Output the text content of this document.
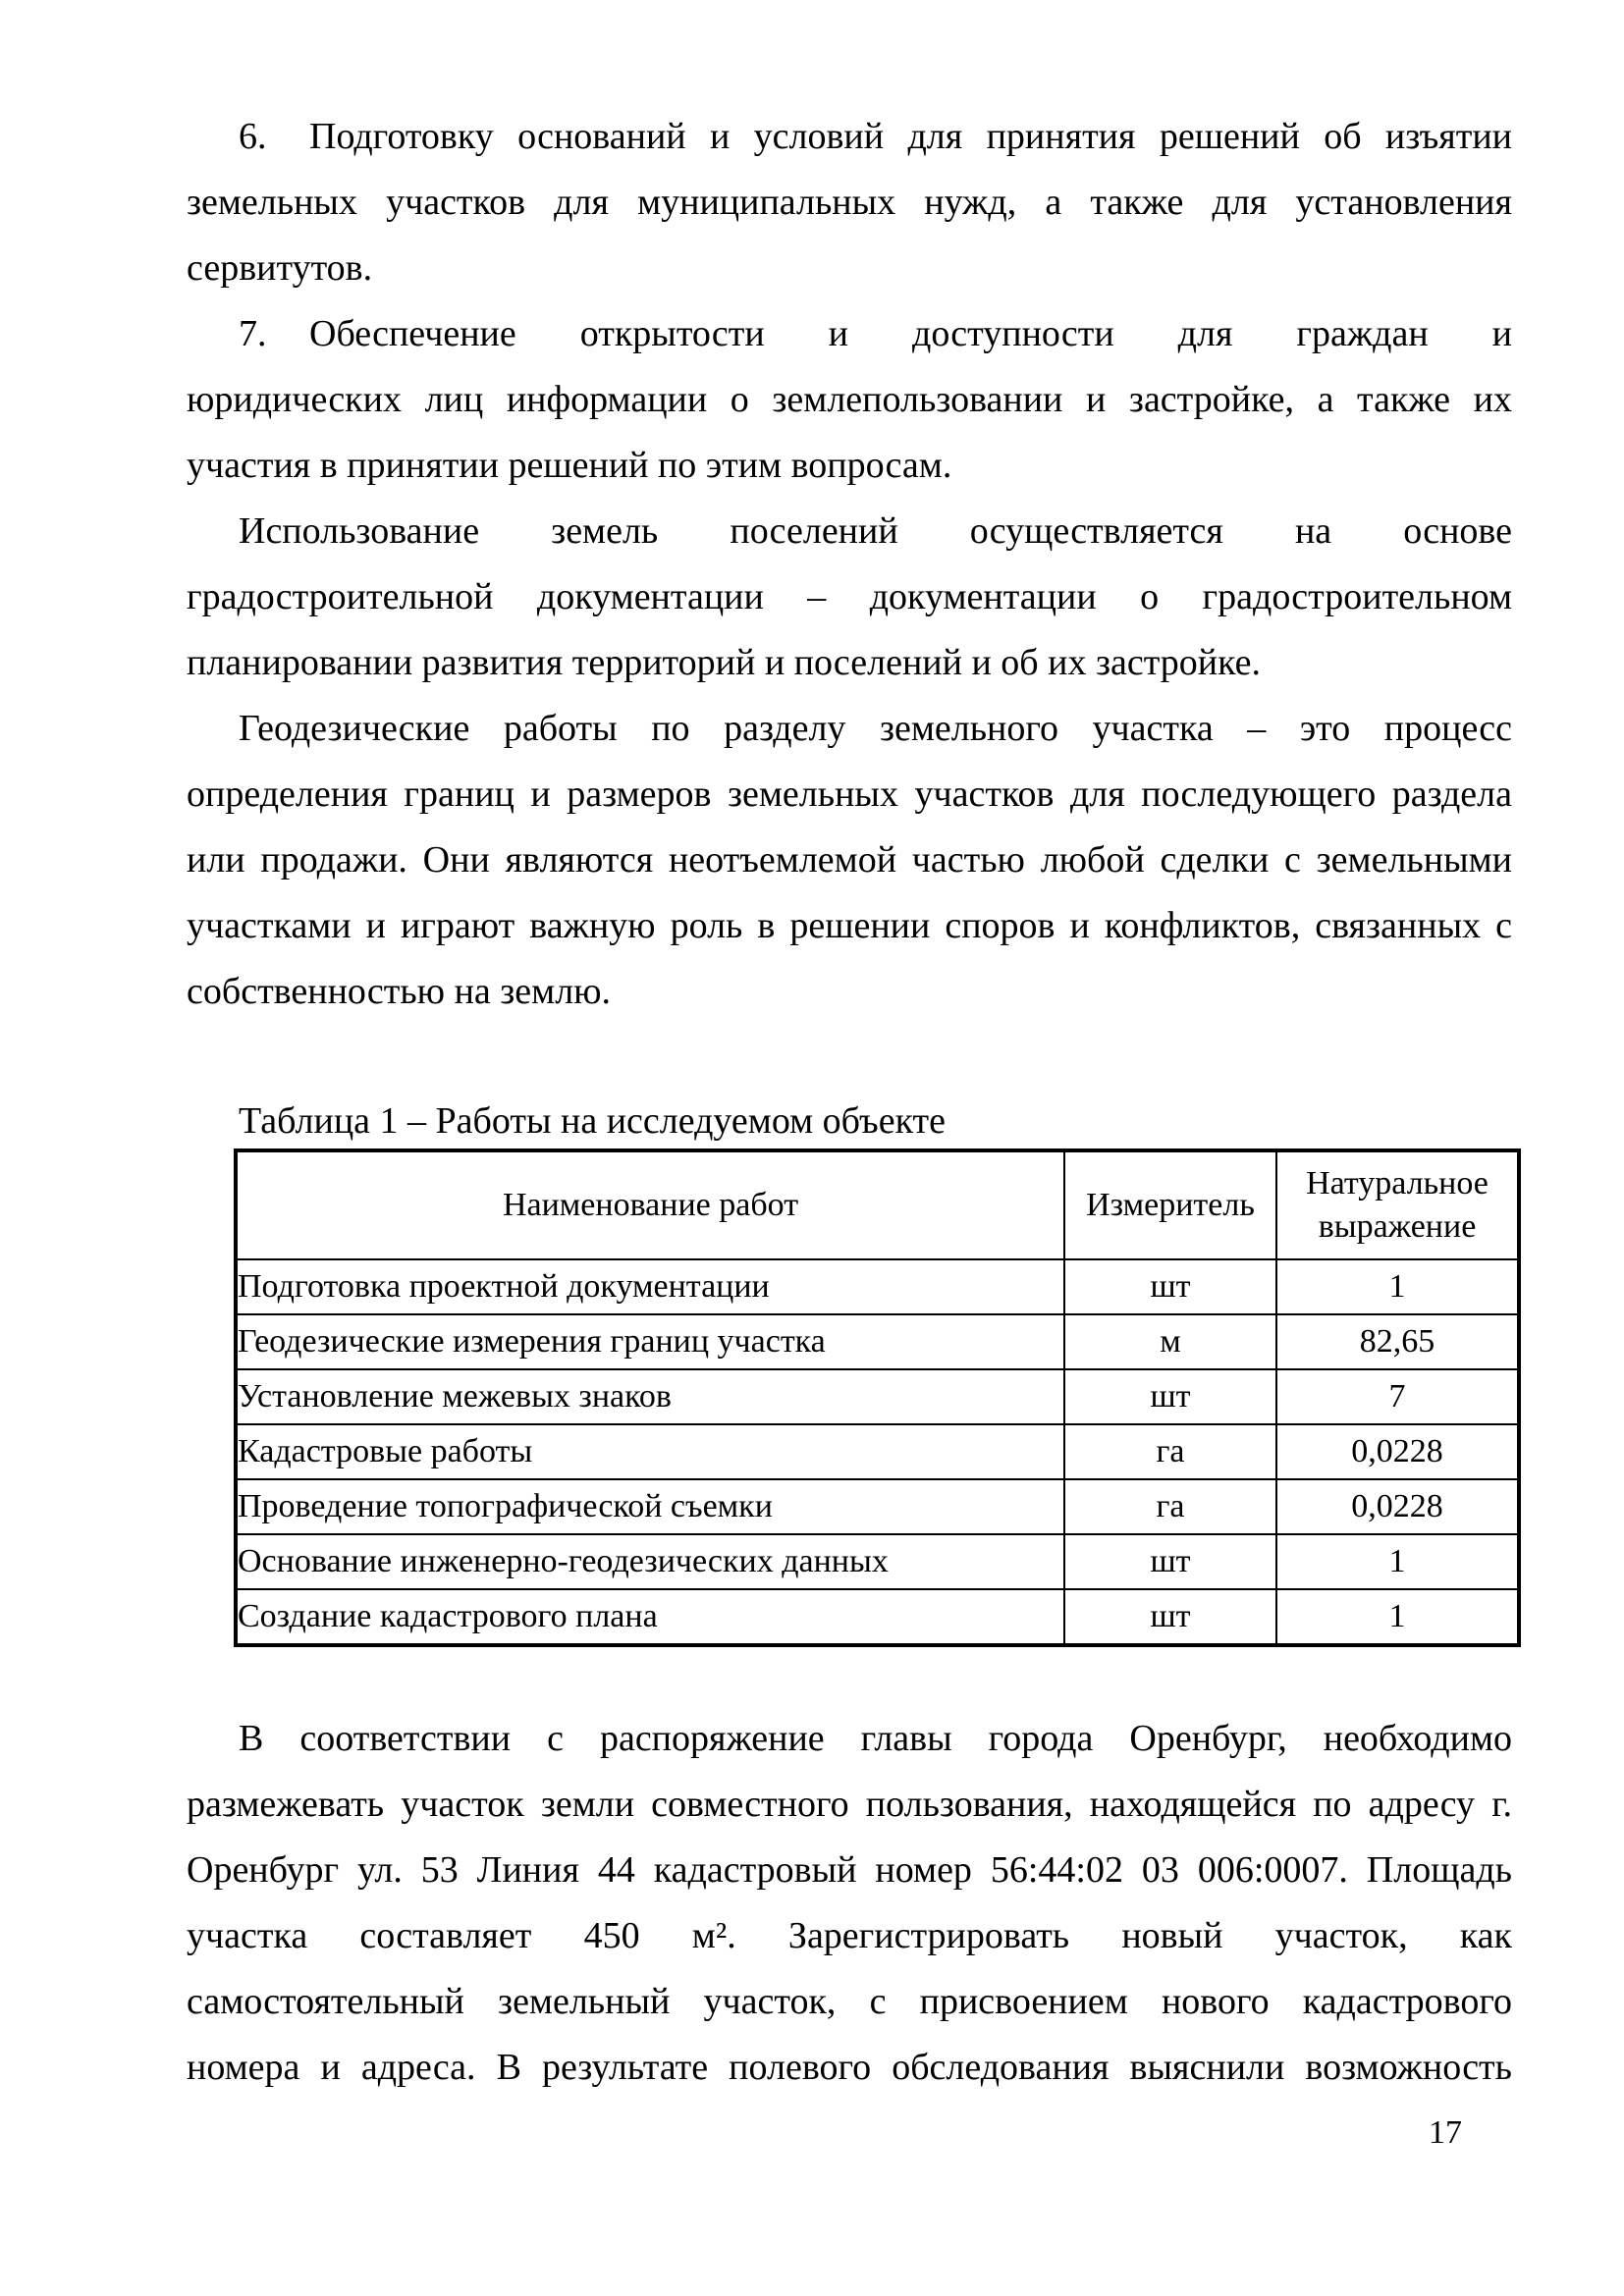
6. Подготовку оснований и условий для принятия решений об изъятии
земельных участков для муниципальных нужд, а также для установления
сервитутов.
7. Обеспечение открытости и доступности для граждан и
юридических лиц информации о землепользовании и застройке, а также их
участия в принятии решений по этим вопросам.
Использование земель поселений осуществляется на основе
градостроительной документации – документации о градостроительном
планировании развития территорий и поселений и об их застройке.
Геодезические работы по разделу земельного участка – это процесс
определения границ и размеров земельных участков для последующего раздела
или продажи. Они являются неотъемлемой частью любой сделки с земельными
участками и играют важную роль в решении споров и конфликтов, связанных с
собственностью на землю.
Таблица 1 – Работы на исследуемом объекте
Наименование работ	Измеритель	Натуральное выражение
Подготовка проектной документации	шт	1
Геодезические измерения границ участка	м	82,65
Установление межевых знаков	шт	7
Кадастровые работы	га	0,0228
Проведение топографической съемки	га	0,0228
Основание инженерно-геодезических данных	шт	1
Создание кадастрового плана	шт	1
В соответствии с распоряжение главы города Оренбург, необходимо
размежевать участок земли совместного пользования, находящейся по адресу г.
Оренбург ул. 53 Линия 44 кадастровый номер 56:44:02 03 006:0007. Площадь
участка составляет 450 м². Зарегистрировать новый участок, как
самостоятельный земельный участок, с присвоением нового кадастрового
номера и адреса. В результате полевого обследования выяснили возможность
17
